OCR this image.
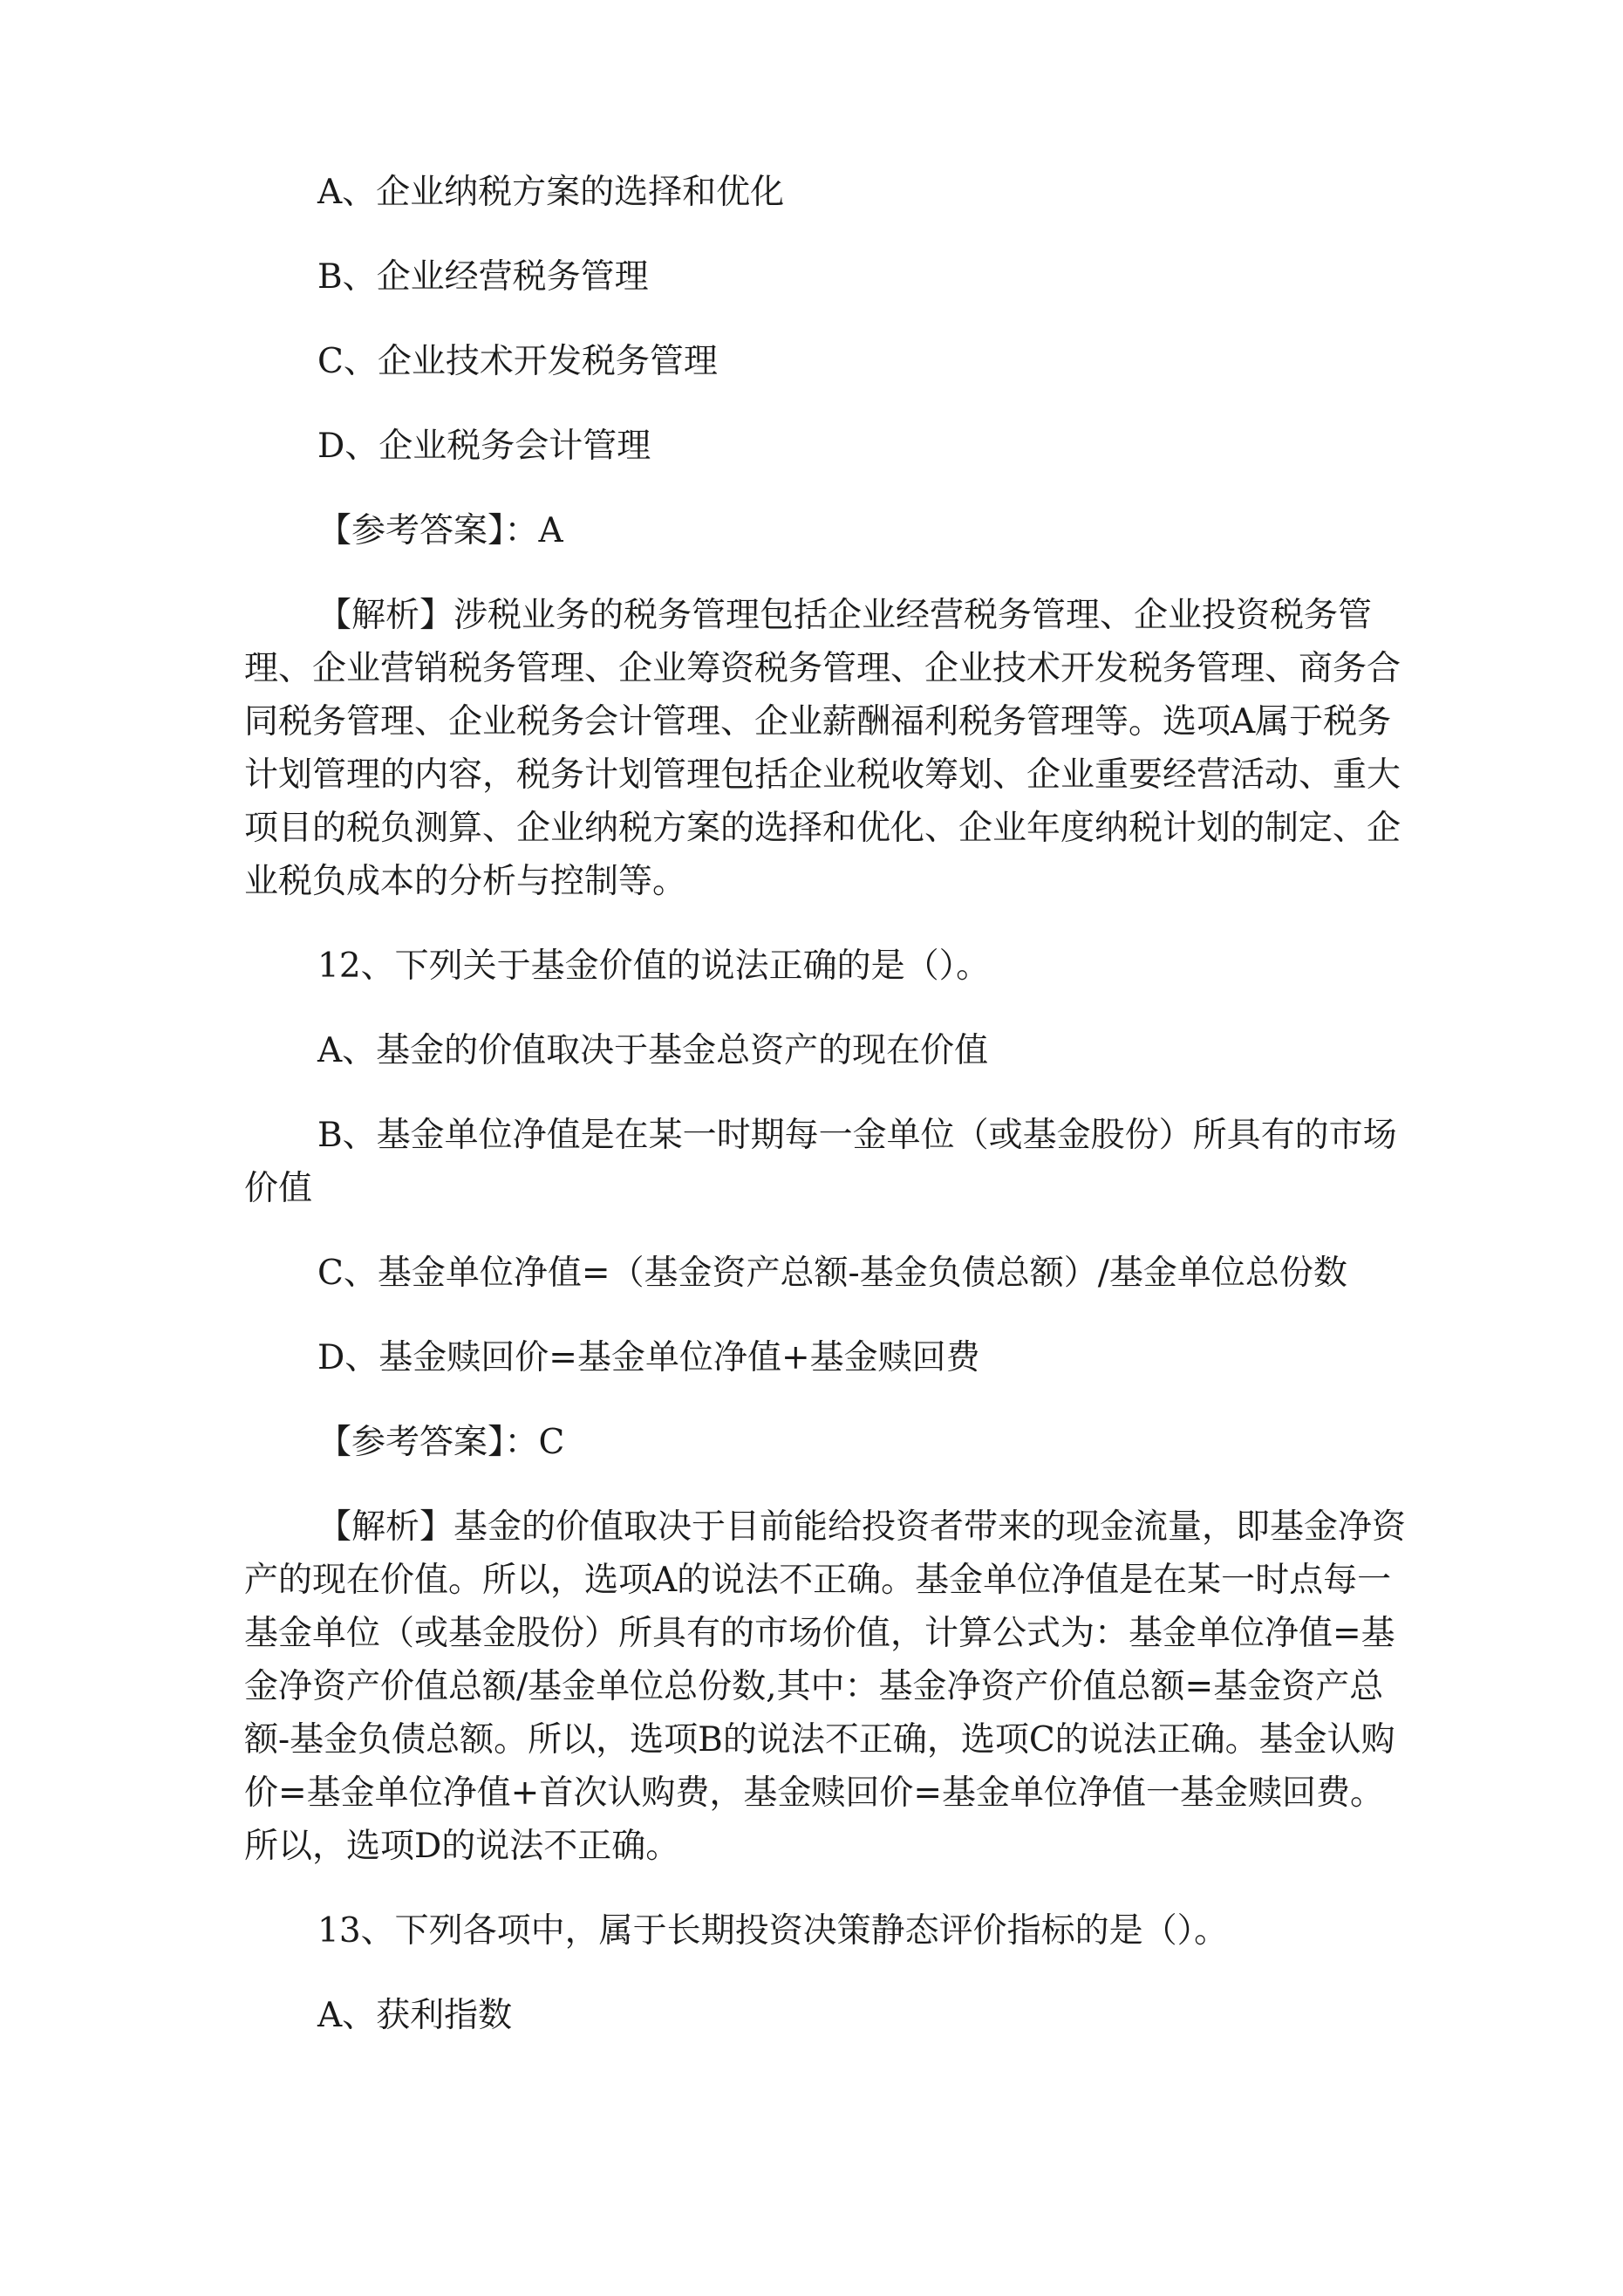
A、企业纳税方案的选择和优化

B、企业经营税务管理

C、企业技术开发税务管理

D、企业税务会计管理

【参考答案】：A

【解析】涉税业务的税务管理包括企业经营税务管理、企业投资税务管理、企业营销税务管理、企业筹资税务管理、企业技术开发税务管理、商务合同税务管理、企业税务会计管理、企业薪酬福利税务管理等。选项A属于税务计划管理的内容，税务计划管理包括企业税收筹划、企业重要经营活动、重大项目的税负测算、企业纳税方案的选择和优化、企业年度纳税计划的制定、企业税负成本的分析与控制等。

12、下列关于基金价值的说法正确的是（）。

A、基金的价值取决于基金总资产的现在价值

B、基金单位净值是在某一时期每一金单位（或基金股份）所具有的市场价值

C、基金单位净值=（基金资产总额-基金负债总额）/基金单位总份数

D、基金赎回价=基金单位净值+基金赎回费

【参考答案】：C

【解析】基金的价值取决于目前能给投资者带来的现金流量，即基金净资产的现在价值。所以，选项A的说法不正确。基金单位净值是在某一时点每一基金单位（或基金股份）所具有的市场价值，计算公式为：基金单位净值=基金净资产价值总额/基金单位总份数,其中：基金净资产价值总额=基金资产总额-基金负债总额。所以，选项B的说法不正确，选项C的说法正确。基金认购价=基金单位净值+首次认购费，基金赎回价=基金单位净值一基金赎回费。所以，选项D的说法不正确。

13、下列各项中，属于长期投资决策静态评价指标的是（）。

A、获利指数
